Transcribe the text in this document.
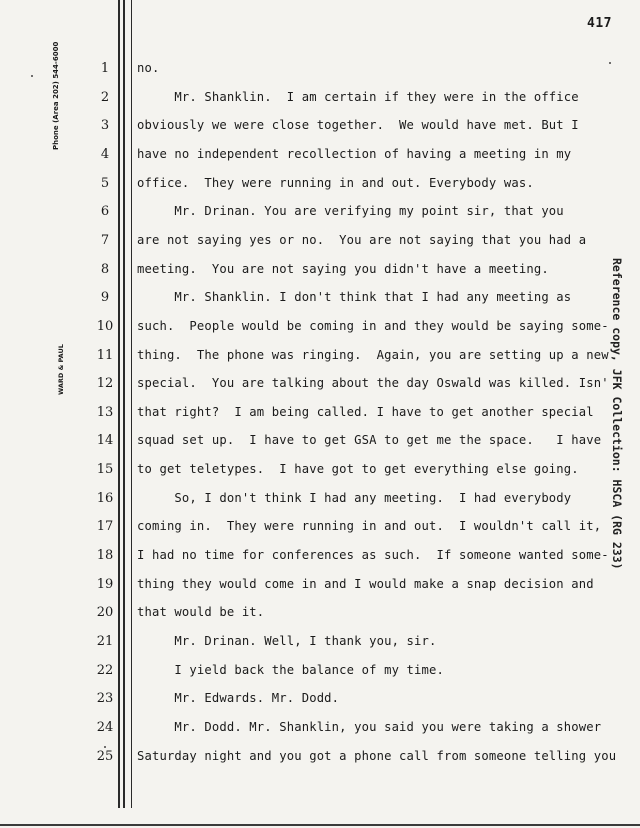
417
Phone (Area 202) 544-6000
WARD & PAUL	Reference copy, JFK Collection: HSCA (RG 233)
1	no.
2	Mr. Shanklin.  I am certain if they were in the office
3	obviously we were close together.  We would have met. But I
4	have no independent recollection of having a meeting in my
5	office.  They were running in and out. Everybody was.
6	Mr. Drinan. You are verifying my point sir, that you
7	are not saying yes or no.  You are not saying that you had a
8	meeting.  You are not saying you didn't have a meeting.
9	Mr. Shanklin. I don't think that I had any meeting as
10	such.  People would be coming in and they would be saying some-
11	thing.  The phone was ringing.  Again, you are setting up a new
12	special.  You are talking about the day Oswald was killed. Isn'
13	that right?  I am being called. I have to get another special
14	squad set up.  I have to get GSA to get me the space.   I have
15	to get teletypes.  I have got to get everything else going.
16	So, I don't think I had any meeting.  I had everybody
17	coming in.  They were running in and out.  I wouldn't call it,
18	I had no time for conferences as such.  If someone wanted some-
19	thing they would come in and I would make a snap decision and
20	that would be it.
21	Mr. Drinan. Well, I thank you, sir.
22	I yield back the balance of my time.
23	Mr. Edwards. Mr. Dodd.
24	Mr. Dodd. Mr. Shanklin, you said you were taking a shower
25	Saturday night and you got a phone call from someone telling you
